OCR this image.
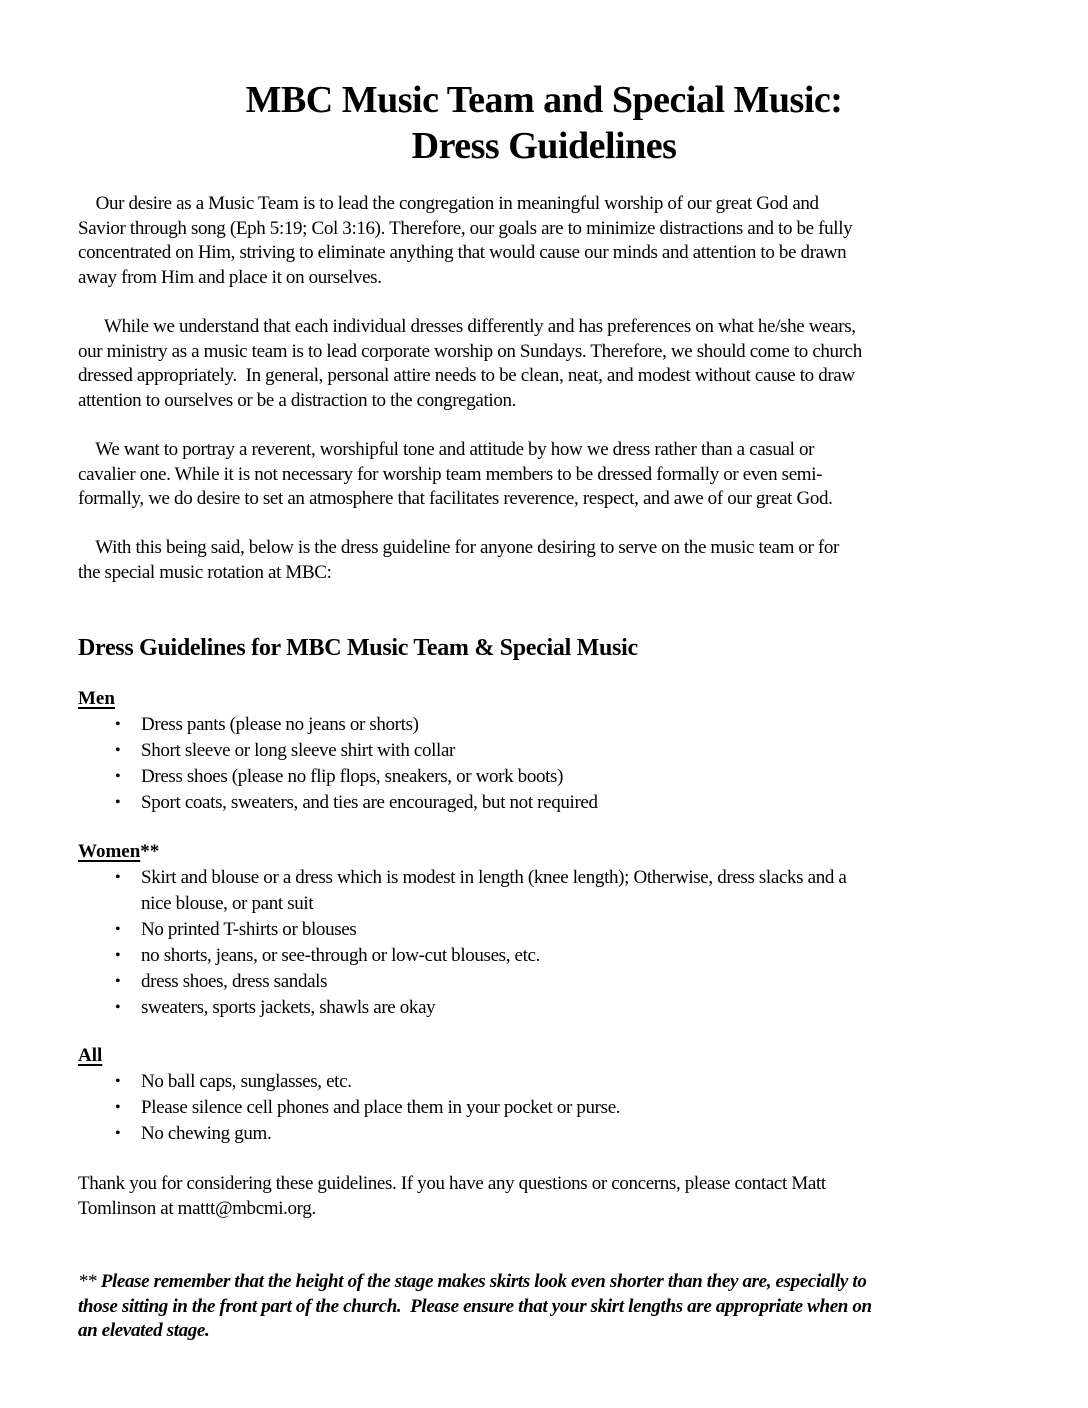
MBC Music Team and Special Music:
Dress Guidelines
Our desire as a Music Team is to lead the congregation in meaningful worship of our great God and
Savior through song (Eph 5:19; Col 3:16). Therefore, our goals are to minimize distractions and to be fully
concentrated on Him, striving to eliminate anything that would cause our minds and attention to be drawn
away from Him and place it on ourselves.
While we understand that each individual dresses differently and has preferences on what he/she wears,
our ministry as a music team is to lead corporate worship on Sundays. Therefore, we should come to church
dressed appropriately.  In general, personal attire needs to be clean, neat, and modest without cause to draw
attention to ourselves or be a distraction to the congregation.
We want to portray a reverent, worshipful tone and attitude by how we dress rather than a casual or
cavalier one. While it is not necessary for worship team members to be dressed formally or even semi-
formally, we do desire to set an atmosphere that facilitates reverence, respect, and awe of our great God.
With this being said, below is the dress guideline for anyone desiring to serve on the music team or for
the special music rotation at MBC:
Dress Guidelines for MBC Music Team & Special Music
Men
• Dress pants (please no jeans or shorts)
• Short sleeve or long sleeve shirt with collar
• Dress shoes (please no flip flops, sneakers, or work boots)
• Sport coats, sweaters, and ties are encouraged, but not required
Women**
• Skirt and blouse or a dress which is modest in length (knee length); Otherwise, dress slacks and a
nice blouse, or pant suit
• No printed T-shirts or blouses
• no shorts, jeans, or see-through or low-cut blouses, etc.
• dress shoes, dress sandals
• sweaters, sports jackets, shawls are okay
All
• No ball caps, sunglasses, etc.
• Please silence cell phones and place them in your pocket or purse.
• No chewing gum.
Thank you for considering these guidelines. If you have any questions or concerns, please contact Matt
Tomlinson at mattt@mbcmi.org.
** Please remember that the height of the stage makes skirts look even shorter than they are, especially to
those sitting in the front part of the church.  Please ensure that your skirt lengths are appropriate when on
an elevated stage.
